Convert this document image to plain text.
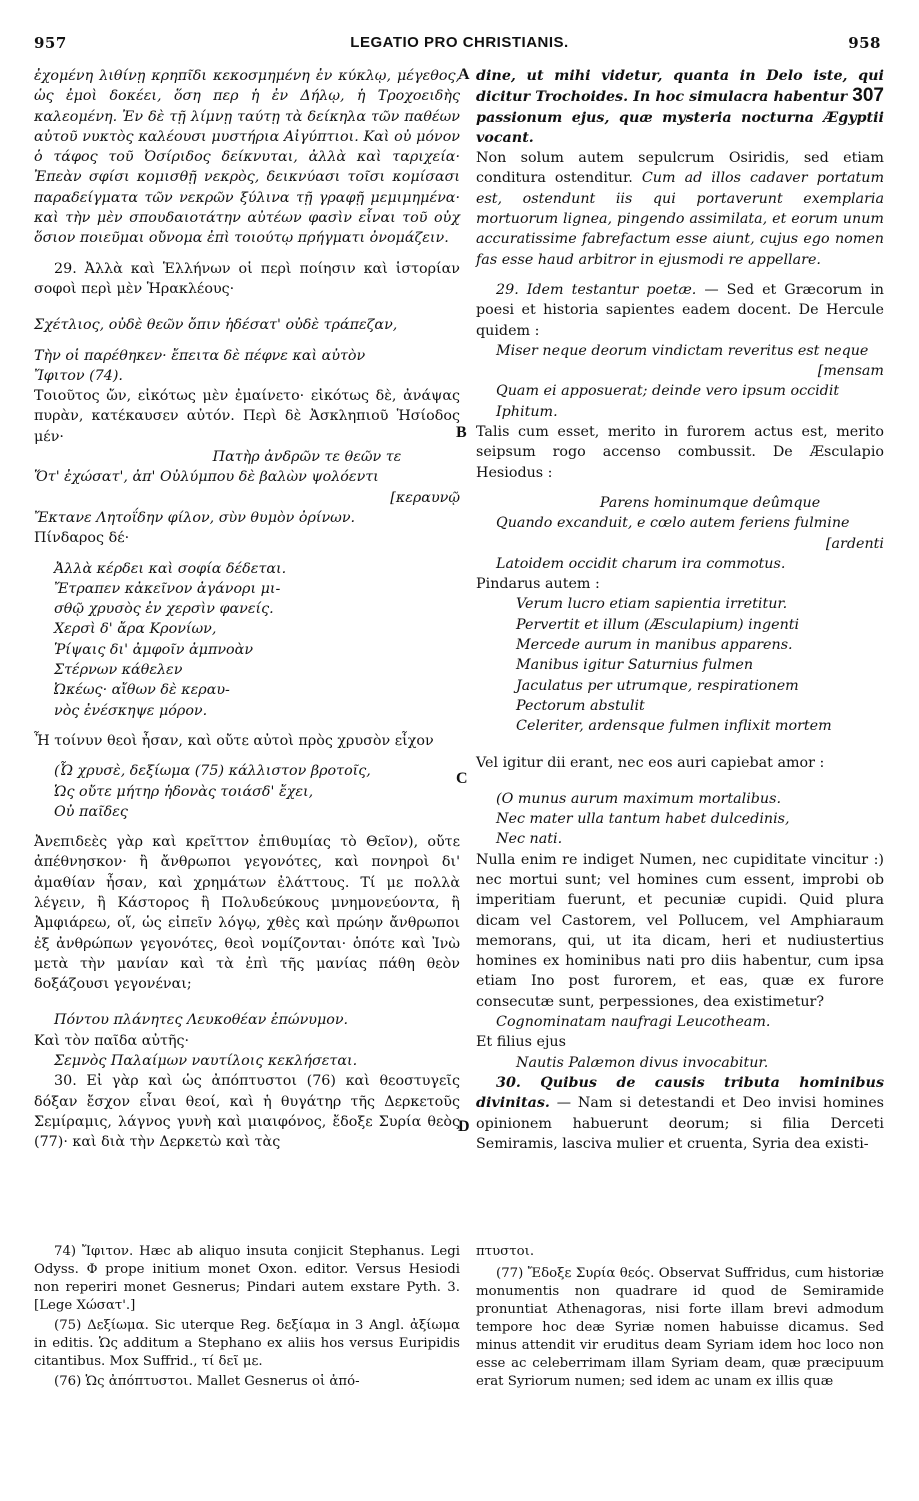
957	LEGATIO PRO CHRISTIANIS.	958
A
B
C
D

ἐχομένη λιθίνῃ κρηπῖδι κεκοσμημένη ἐν κύκλῳ, μέγεθος, ὡς ἐμοὶ δοκέει, ὅση περ ἡ ἐν Δήλῳ, ἡ Τροχοειδὴς καλεομένη. Ἐν δὲ τῇ λίμνῃ ταύτῃ τὰ δείκηλα τῶν παθέων αὐτοῦ νυκτὸς καλέουσι μυστήρια Αἰγύπτιοι. Καὶ οὐ μόνον ὁ τάφος τοῦ Ὀσίριδος δείκνυται, ἀλλὰ καὶ ταριχεία· Ἐπεὰν σφίσι κομισθῇ νεκρὸς, δεικνύασι τοῖσι κομίσασι παραδείγματα τῶν νεκρῶν ξύλινα τῇ γραφῇ μεμιμημένα· καὶ τὴν μὲν σπουδαιοτάτην αὐτέων φασὶν εἶναι τοῦ οὐχ ὅσιον ποιεῦμαι οὔνομα ἐπὶ τοιούτῳ πρήγματι ὀνομάζειν.

29. Ἀλλὰ καὶ Ἑλλήνων οἱ περὶ ποίησιν καὶ ἱστορίαν σοφοὶ περὶ μὲν Ἡρακλέους·

Σχέτλιος, οὐδὲ θεῶν ὄπιν ἡδέσατ' οὐδὲ τράπεζαν,
Τὴν οἱ παρέθηκεν· ἔπειτα δὲ πέφνε καὶ αὐτὸν
Ἴφιτον (74).

Τοιοῦτος ὤν, εἰκότως μὲν ἐμαίνετο· εἰκότως δὲ, ἀνάψας πυρὰν, κατέκαυσεν αὐτόν. Περὶ δὲ Ἀσκληπιοῦ Ἡσίοδος μέν·

Πατὴρ ἀνδρῶν τε θεῶν τε
Ὅτ' ἐχώσατ', ἀπ' Οὐλύμπου δὲ βαλὼν ψολόεντι
[κεραυνῷ
Ἔκτανε Λητοΐδην φίλον, σὺν θυμὸν ὀρίνων.

Πίνδαρος δέ·

Ἀλλὰ κέρδει καὶ σοφία δέδεται.
Ἔτραπεν κἀκεῖνον ἀγάνορι μι-
σθῷ χρυσὸς ἐν χερσὶν φανείς.
Χερσὶ δ' ἄρα Κρονίων,
Ῥίψαις δι' ἀμφοῖν ἀμπνοὰν
Στέρνων κάθελεν
Ὠκέως· αἴθων δὲ κεραυ-
νὸς ἐνέσκηψε μόρον.

Ἦ τοίνυν θεοὶ ἦσαν, καὶ οὔτε αὐτοὶ πρὸς χρυσὸν εἶχον

(Ὦ χρυσὲ, δεξίωμα (75) κάλλιστον βροτοῖς,
Ὡς οὔτε μήτηρ ἡδονὰς τοιάσδ' ἔχει,
Οὐ παῖδες

Ἀνεπιδεὲς γὰρ καὶ κρεῖττον ἐπιθυμίας τὸ Θεῖον), οὔτε ἀπέθνησκον· ἢ ἄνθρωποι γεγονότες, καὶ πονηροὶ δι' ἀμαθίαν ἦσαν, καὶ χρημάτων ἐλάττους. Τί με πολλὰ λέγειν, ἢ Κάστορος ἢ Πολυδεύκους μνημονεύοντα, ἢ Ἀμφιάρεω, οἵ, ὡς εἰπεῖν λόγῳ, χθὲς καὶ πρώην ἄνθρωποι ἐξ ἀνθρώπων γεγονότες, θεοὶ νομίζονται· ὁπότε καὶ Ἰνὼ μετὰ τὴν μανίαν καὶ τὰ ἐπὶ τῆς μανίας πάθη θεὸν δοξάζουσι γεγονέναι;

Πόντου πλάνητες Λευκοθέαν ἐπώνυμον.

Καὶ τὸν παῖδα αὐτῆς·

Σεμνὸς Παλαίμων ναυτίλοις κεκλήσεται.

30. Εἰ γὰρ καὶ ὡς ἀπόπτυστοι (76) καὶ θεοστυγεῖς δόξαν ἔσχον εἶναι θεοί, καὶ ἡ θυγάτηρ τῆς Δερκετοῦς Σεμίραμις, λάγνος γυνὴ καὶ μιαιφόνος, ἔδοξε Συρία θεὸς (77)· καὶ διὰ τὴν Δερκετὼ καὶ τὰς

dine, ut mihi videtur, quanta in Delo iste, qui dicitur Trochoides. In hoc simulacra habentur 307 passionum ejus, quæ mysteria nocturna Ægyptii vocant.

Non solum autem sepulcrum Osiridis, sed etiam conditura ostenditur. Cum ad illos cadaver portatum est, ostendunt iis qui portaverunt exemplaria mortuorum lignea, pingendo assimilata, et eorum unum accuratissime fabrefactum esse aiunt, cujus ego nomen fas esse haud arbitror in ejusmodi re appellare.

29. Idem testantur poetæ. — Sed et Græcorum in poesi et historia sapientes eadem docent. De Hercule quidem :

Miser neque deorum vindictam reveritus est neque
[mensam
Quam ei apposuerat; deinde vero ipsum occidit
Iphitum.

Talis cum esset, merito in furorem actus est, merito seipsum rogo accenso combussit. De Æsculapio Hesiodus :

Parens hominumque deûmque
Quando excanduit, e cœlo autem feriens fulmine
[ardenti
Latoidem occidit charum ira commotus.

Pindarus autem :

Verum lucro etiam sapientia irretitur.
Pervertit et illum (Æsculapium) ingenti
Mercede aurum in manibus apparens.
Manibus igitur Saturnius fulmen
Jaculatus per utrumque, respirationem
Pectorum abstulit
Celeriter, ardensque fulmen inflixit mortem

Vel igitur dii erant, nec eos auri capiebat amor :

(O munus aurum maximum mortalibus.
Nec mater ulla tantum habet dulcedinis,
Nec nati.

Nulla enim re indiget Numen, nec cupiditate vincitur :) nec mortui sunt; vel homines cum essent, improbi ob imperitiam fuerunt, et pecuniæ cupidi. Quid plura dicam vel Castorem, vel Pollucem, vel Amphiaraum memorans, qui, ut ita dicam, heri et nudiustertius homines ex hominibus nati pro diis habentur, cum ipsa etiam Ino post furorem, et eas, quæ ex furore consecutæ sunt, perpessiones, dea existimetur?

Cognominatam naufragi Leucotheam.

Et filius ejus

Nautis Palæmon divus invocabitur.

30. Quibus de causis tributa hominibus divinitas. — Nam si detestandi et Deo invisi homines opinionem habuerunt deorum; si filia Derceti Semiramis, lasciva mulier et cruenta, Syria dea existi-

74) Ἴφιτον. Hæc ab aliquo insuta conjicit Stephanus. Legi Odyss. Φ prope initium monet Oxon. editor. Versus Hesiodi non reperiri monet Gesnerus; Pindari autem exstare Pyth. 3. [Lege Χώσατ'.]

(75) Δεξίωμα. Sic uterque Reg. δεξίαμα in 3 Angl. ἀξίωμα in editis. Ὡς additum a Stephano ex aliis hos versus Euripidis citantibus. Mox Suffrid., τί δεῖ με.

(76) Ὡς ἀπόπτυστοι. Mallet Gesnerus οἱ ἀπό-

πτυστοι.

(77) Ἔδοξε Συρία θεός. Observat Suffridus, cum historiæ monumentis non quadrare id quod de Semiramide pronuntiat Athenagoras, nisi forte illam brevi admodum tempore hoc deæ Syriæ nomen habuisse dicamus. Sed minus attendit vir eruditus deam Syriam idem hoc loco non esse ac celeberrimam illam Syriam deam, quæ præcipuum erat Syriorum numen; sed idem ac unam ex illis quæ
